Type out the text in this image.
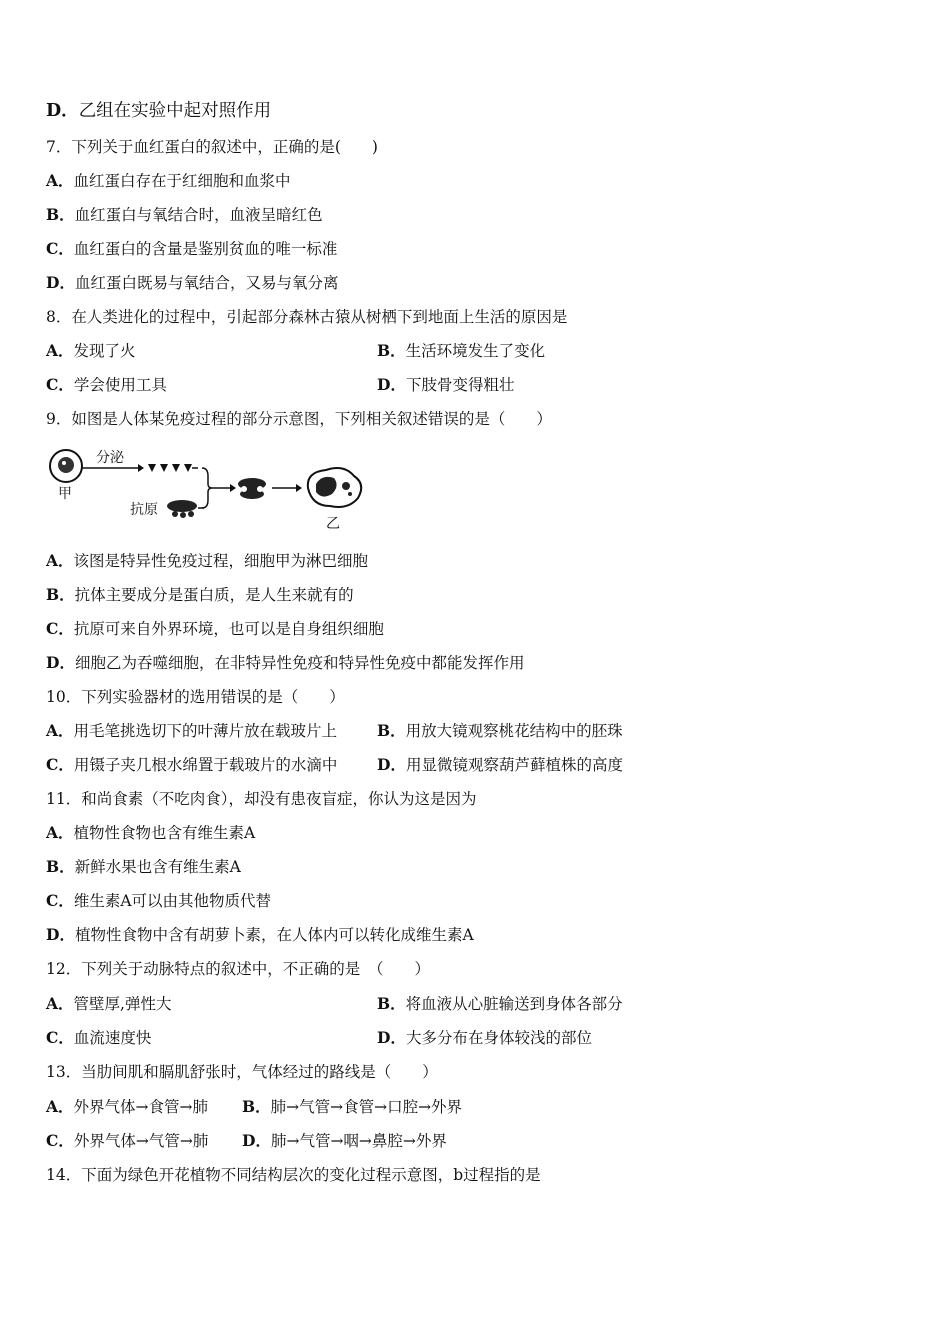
D．乙组在实验中起对照作用
7．下列关于血红蛋白的叙述中，正确的是(　　)
A．血红蛋白存在于红细胞和血浆中
B．血红蛋白与氧结合时，血液呈暗红色
C．血红蛋白的含量是鉴别贫血的唯一标准
D．血红蛋白既易与氧结合，又易与氧分离
8．在人类进化的过程中，引起部分森林古猿从树栖下到地面上生活的原因是
A．发现了火	B．生活环境发生了变化
C．学会使用工具	D．下肢骨变得粗壮
9．如图是人体某免疫过程的部分示意图，下列相关叙述错误的是（　　）
甲
分泌
抗原
乙
A．该图是特异性免疫过程，细胞甲为淋巴细胞
B．抗体主要成分是蛋白质，是人生来就有的
C．抗原可来自外界环境，也可以是自身组织细胞
D．细胞乙为吞噬细胞，在非特异性免疫和特异性免疫中都能发挥作用
10．下列实验器材的选用错误的是（　　）
A．用毛笔挑选切下的叶薄片放在载玻片上	B．用放大镜观察桃花结构中的胚珠
C．用镊子夹几根水绵置于载玻片的水滴中	D．用显微镜观察葫芦藓植株的高度
11．和尚食素（不吃肉食），却没有患夜盲症，你认为这是因为
A．植物性食物也含有维生素A
B．新鲜水果也含有维生素A
C．维生素A可以由其他物质代替
D．植物性食物中含有胡萝卜素，在人体内可以转化成维生素A
12．下列关于动脉特点的叙述中，不正确的是　（　　）
A．管壁厚,弹性大	B．将血液从心脏输送到身体各部分
C．血流速度快	D．大多分布在身体较浅的部位
13．当肋间肌和膈肌舒张时，气体经过的路线是（　　）
A．外界气体→食管→肺 B．肺→气管→食管→口腔→外界
C．外界气体→气管→肺 D．肺→气管→咽→鼻腔→外界
14．下面为绿色开花植物不同结构层次的变化过程示意图，b过程指的是
